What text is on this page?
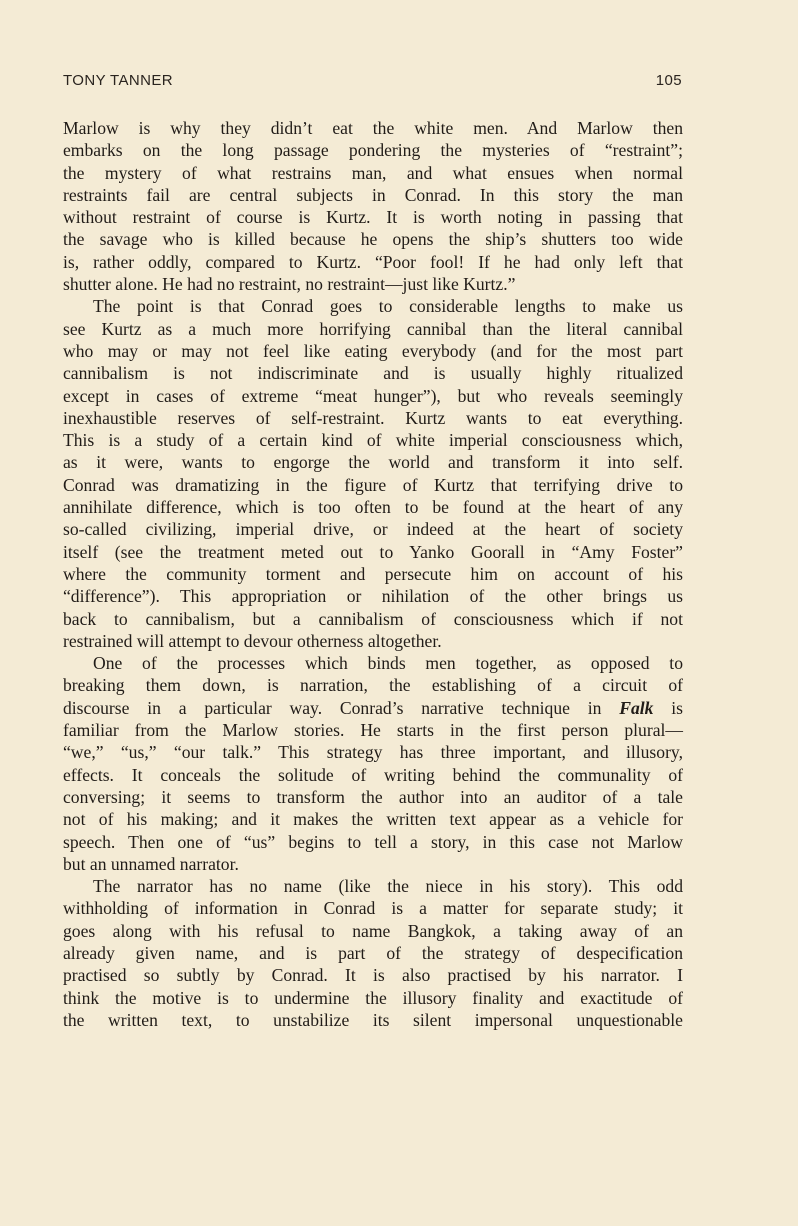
TONY TANNER	105
Marlow is why they didn’t eat the white men. And Marlow then
embarks on the long passage pondering the mysteries of “restraint”;
the mystery of what restrains man, and what ensues when normal
restraints fail are central subjects in Conrad. In this story the man
without restraint of course is Kurtz. It is worth noting in passing that
the savage who is killed because he opens the ship’s shutters too wide
is, rather oddly, compared to Kurtz. “Poor fool! If he had only left that
shutter alone. He had no restraint, no restraint—just like Kurtz.”
The point is that Conrad goes to considerable lengths to make us
see Kurtz as a much more horrifying cannibal than the literal cannibal
who may or may not feel like eating everybody (and for the most part
cannibalism is not indiscriminate and is usually highly ritualized
except in cases of extreme “meat hunger”), but who reveals seemingly
inexhaustible reserves of self-restraint. Kurtz wants to eat everything.
This is a study of a certain kind of white imperial consciousness which,
as it were, wants to engorge the world and transform it into self.
Conrad was dramatizing in the figure of Kurtz that terrifying drive to
annihilate difference, which is too often to be found at the heart of any
so-called civilizing, imperial drive, or indeed at the heart of society
itself (see the treatment meted out to Yanko Goorall in “Amy Foster”
where the community torment and persecute him on account of his
“difference”). This appropriation or nihilation of the other brings us
back to cannibalism, but a cannibalism of consciousness which if not
restrained will attempt to devour otherness altogether.
One of the processes which binds men together, as opposed to
breaking them down, is narration, the establishing of a circuit of
discourse in a particular way. Conrad’s narrative technique in Falk is
familiar from the Marlow stories. He starts in the first person plural—
“we,” “us,” “our talk.” This strategy has three important, and illusory,
effects. It conceals the solitude of writing behind the communality of
conversing; it seems to transform the author into an auditor of a tale
not of his making; and it makes the written text appear as a vehicle for
speech. Then one of “us” begins to tell a story, in this case not Marlow
but an unnamed narrator.
The narrator has no name (like the niece in his story). This odd
withholding of information in Conrad is a matter for separate study; it
goes along with his refusal to name Bangkok, a taking away of an
already given name, and is part of the strategy of despecification
practised so subtly by Conrad. It is also practised by his narrator. I
think the motive is to undermine the illusory finality and exactitude of
the written text, to unstabilize its silent impersonal unquestionable
